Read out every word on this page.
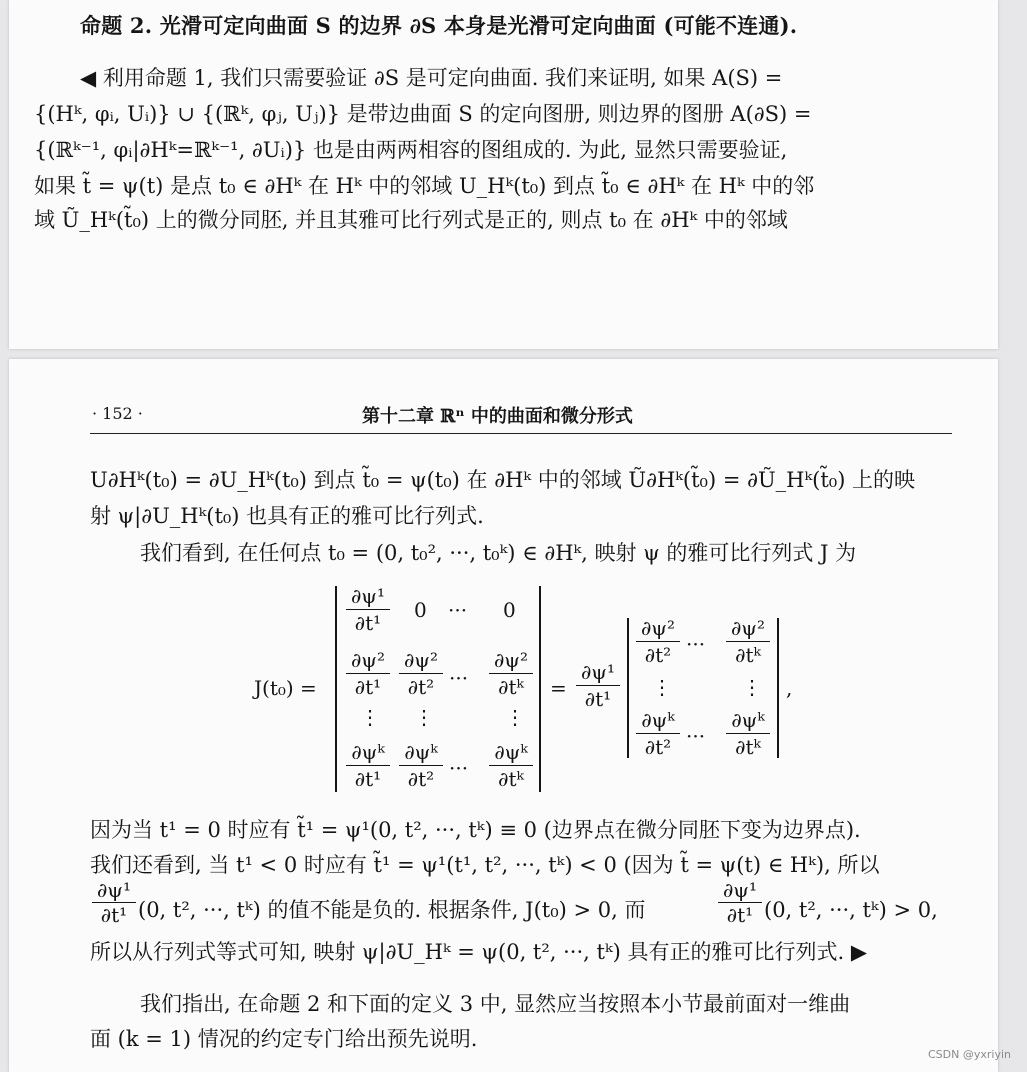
命题 2. 光滑可定向曲面 S 的边界 ∂S 本身是光滑可定向曲面 (可能不连通).
◀ 利用命题 1, 我们只需要验证 ∂S 是可定向曲面. 我们来证明, 如果 A(S) =
{(Hᵏ, φᵢ, Uᵢ)} ∪ {(ℝᵏ, φⱼ, Uⱼ)} 是带边曲面 S 的定向图册, 则边界的图册 A(∂S) =
{(ℝᵏ⁻¹, φᵢ|∂Hᵏ=ℝᵏ⁻¹, ∂Uᵢ)} 也是由两两相容的图组成的. 为此, 显然只需要验证,
如果 t̃ = ψ(t) 是点 t₀ ∈ ∂Hᵏ 在 Hᵏ 中的邻域 U_Hᵏ(t₀) 到点 t̃₀ ∈ ∂Hᵏ 在 Hᵏ 中的邻
域 Ũ_Hᵏ(t̃₀) 上的微分同胚, 并且其雅可比行列式是正的, 则点 t₀ 在 ∂Hᵏ 中的邻域
· 152 ·	第十二章 ℝⁿ 中的曲面和微分形式
U∂Hᵏ(t₀) = ∂U_Hᵏ(t₀) 到点 t̃₀ = ψ(t₀) 在 ∂Hᵏ 中的邻域 Ũ∂Hᵏ(t̃₀) = ∂Ũ_Hᵏ(t̃₀) 上的映
射 ψ|∂U_Hᵏ(t₀) 也具有正的雅可比行列式.
我们看到, 在任何点 t₀ = (0, t₀², ···, t₀ᵏ) ∈ ∂Hᵏ, 映射 ψ 的雅可比行列式 J 为
J(t₀) =
$\frac{\text{∂ψ¹}}{\text{∂t¹}} 0$ ··· 0
$\frac{\text{∂ψ²}}{\text{∂t¹}} \frac{\text{∂ψ²}}{\text{∂t²}}$ ··· $\frac{\text{∂ψ²}}{\text{∂tᵏ}}$
⋮ ⋮	⋮
$\frac{\text{∂ψᵏ}}{\text{∂t¹}} \frac{\text{∂ψᵏ}}{\text{∂t²}}$ ··· $\frac{\text{∂ψᵏ}}{\text{∂tᵏ}}$
= $\frac{\text{∂ψ¹}}{\text{∂t¹}}$
$\frac{\text{∂ψ²}}{\text{∂t²}}$ ··· $\frac{\text{∂ψ²}}{\text{∂tᵏ}}$
⋮	⋮
$\frac{\text{∂ψᵏ}}{\text{∂t²}}$ ··· $\frac{\text{∂ψᵏ}}{\text{∂tᵏ}}$
,
因为当 t¹ = 0 时应有 t̃¹ = ψ¹(0, t², ···, tᵏ) ≡ 0 (边界点在微分同胚下变为边界点).
我们还看到, 当 t¹ < 0 时应有 t̃¹ = ψ¹(t¹, t², ···, tᵏ) < 0 (因为 t̃ = ψ(t) ∈ Hᵏ), 所以
∂ψ¹
∂t¹ (0, t², ···, tᵏ) 的值不能是负的. 根据条件, J(t₀) > 0, 而
∂ψ¹
∂t¹ (0, t², ···, tᵏ) > 0,
所以从行列式等式可知, 映射 ψ|∂U_Hᵏ = ψ(0, t², ···, tᵏ) 具有正的雅可比行列式. ▶
我们指出, 在命题 2 和下面的定义 3 中, 显然应当按照本小节最前面对一维曲
面 (k = 1) 情况的约定专门给出预先说明.
CSDN @yxriyin
